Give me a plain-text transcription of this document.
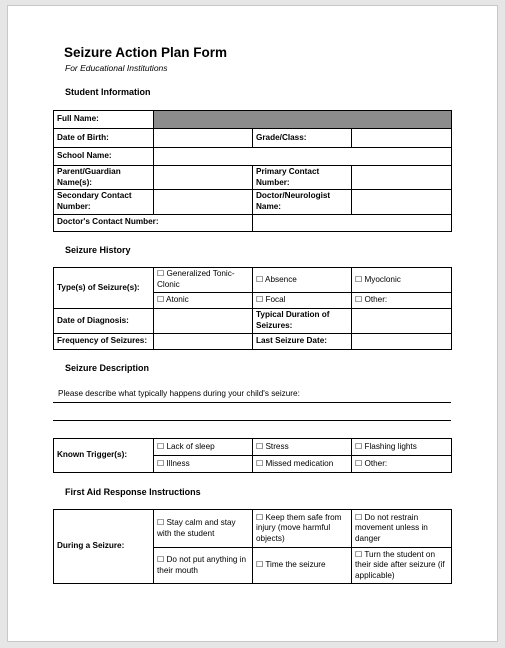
Seizure Action Plan Form
For Educational Institutions
Student Information
Full Name:			
Date of Birth:		Grade/Class:	
School Name:			
Parent/Guardian Name(s):		Primary Contact Number:	
Secondary Contact Number:		Doctor/Neurologist Name:	
Doctor's Contact Number:			
Seizure History
Type(s) of Seizure(s):	☐ Generalized Tonic-Clonic	☐ Absence	☐ Myoclonic
	☐ Atonic	☐ Focal	☐ Other:
Date of Diagnosis:		Typical Duration of Seizures:	
Frequency of Seizures:		Last Seizure Date:	
Seizure Description
Please describe what typically happens during your child's seizure:
Known Trigger(s):	☐ Lack of sleep	☐ Stress	☐ Flashing lights
	☐ Illness	☐ Missed medication	☐ Other:
First Aid Response Instructions
During a Seizure:	☐ Stay calm and stay with the student	☐ Keep them safe from injury (move harmful objects)	☐ Do not restrain movement unless in danger
	☐ Do not put anything in their mouth	☐ Time the seizure	☐ Turn the student on their side after seizure (if applicable)
